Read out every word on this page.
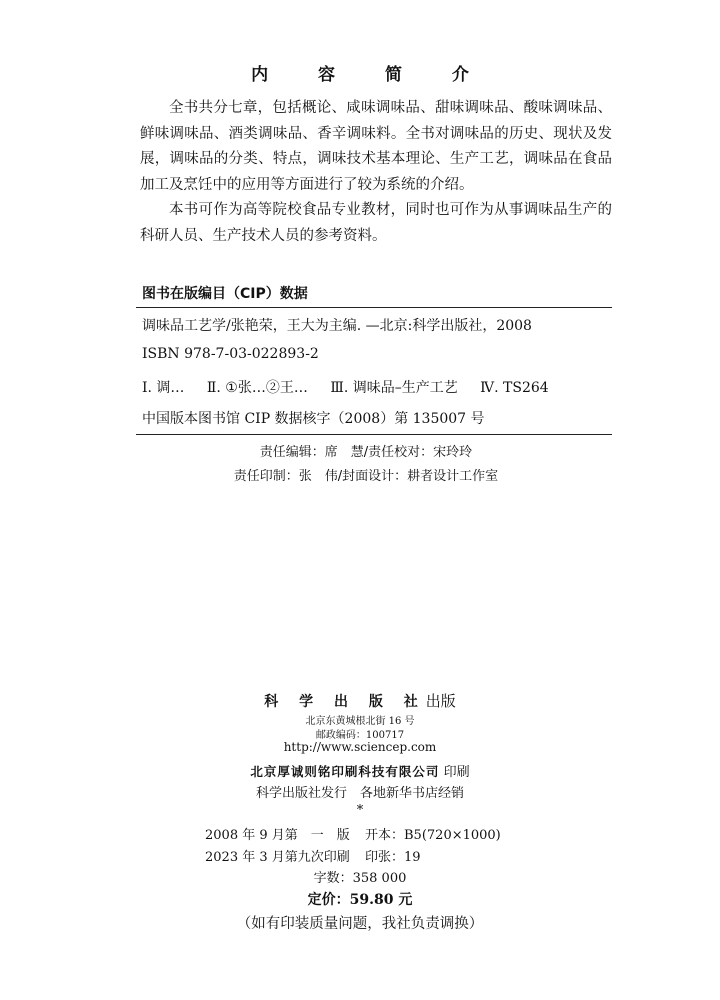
内 容 简 介

全书共分七章，包括概论、咸味调味品、甜味调味品、酸味调味品、鲜味调味品、酒类调味品、香辛调味料。全书对调味品的历史、现状及发展，调味品的分类、特点，调味技术基本理论、生产工艺，调味品在食品加工及烹饪中的应用等方面进行了较为系统的介绍。

本书可作为高等院校食品专业教材，同时也可作为从事调味品生产的科研人员、生产技术人员的参考资料。

图书在版编目（CIP）数据
调味品工艺学/张艳荣，王大为主编. —北京:科学出版社，2008
ISBN 978-7-03-022893-2
Ⅰ. 调… Ⅱ. ①张…②王… Ⅲ. 调味品–生产工艺 Ⅳ. TS264
中国版本图书馆 CIP 数据核字（2008）第 135007 号
责任编辑：席　慧/责任校对：宋玲玲
责任印制：张　伟/封面设计：耕者设计工作室
科 学 出 版 社出版
北京东黄城根北街 16 号
邮政编码：100717
http://www.sciencep.com
北京厚诚则铭印刷科技有限公司 印刷
科学出版社发行　各地新华书店经销
*
2008 年 9 月第　一　版 开本：B5(720×1000)
2023 年 3 月第九次印刷 印张：19
字数：358 000
定价：59.80 元
（如有印装质量问题，我社负责调换）
